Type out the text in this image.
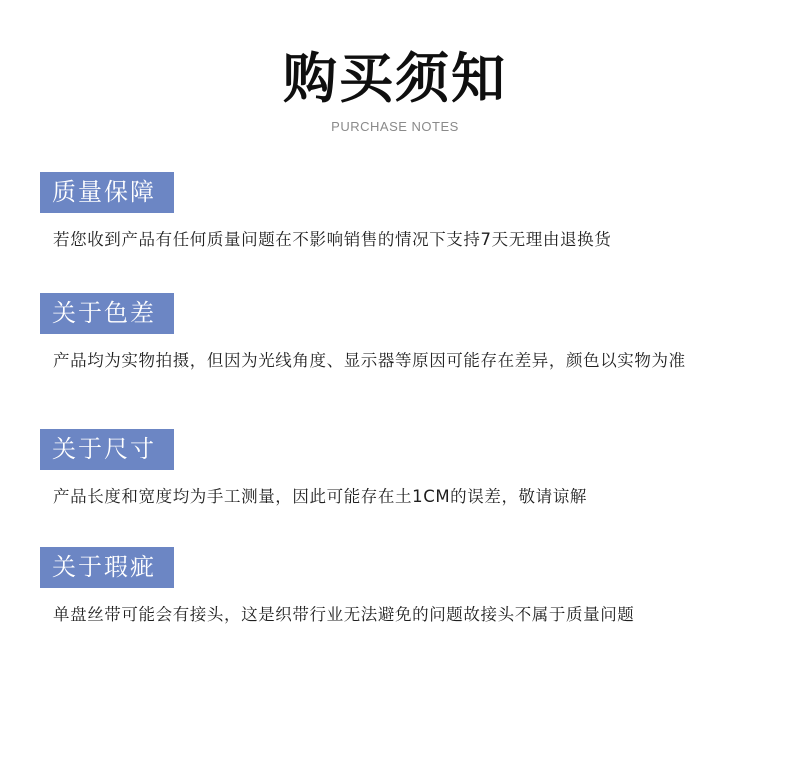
购买须知
PURCHASE NOTES
质量保障
若您收到产品有任何质量问题在不影响销售的情况下支持7天无理由退换货
关于色差
产品均为实物拍摄，但因为光线角度、显示器等原因可能存在差异，颜色以实物为准
关于尺寸
产品长度和宽度均为手工测量，因此可能存在土1CM的误差，敬请谅解
关于瑕疵
单盘丝带可能会有接头，这是织带行业无法避免的问题故接头不属于质量问题
